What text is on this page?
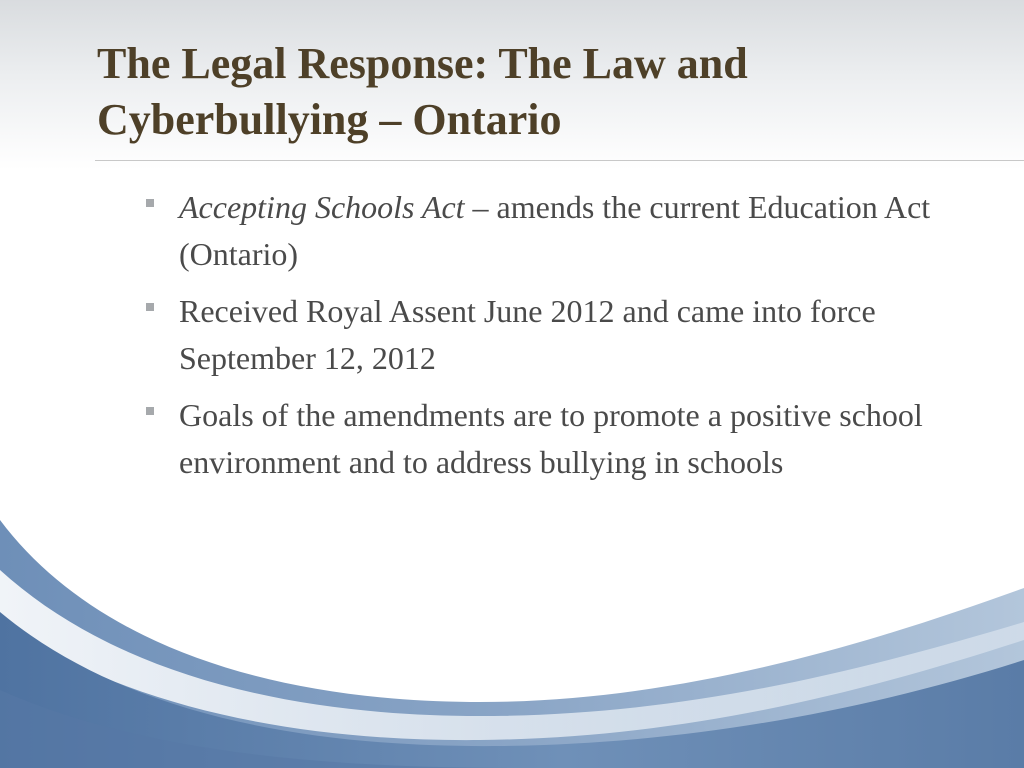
The Legal Response: The Law and
Cyberbullying – Ontario
Accepting Schools Act – amends the current Education Act (Ontario)
Received Royal Assent June 2012 and came into force September 12, 2012
Goals of the amendments are to promote a positive school environment and to address bullying in schools
